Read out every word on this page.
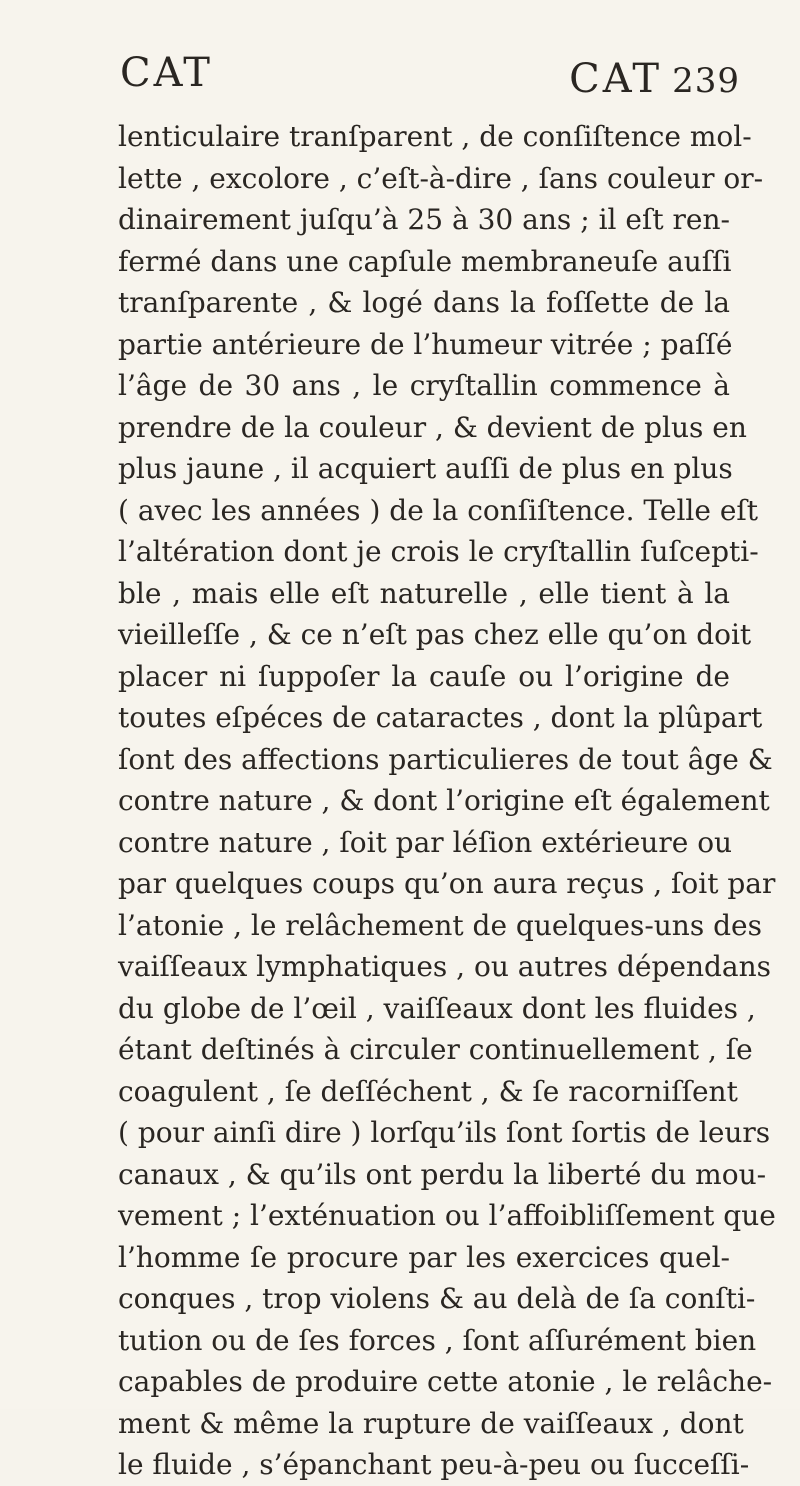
CAT	CAT 239
lenticulaire tranſparent , de conſiſtence mol-
lette , excolore , c’eſt-à-dire , ſans couleur or-
dinairement juſqu’à 25 à 30 ans ; il eſt ren-
fermé dans une capſule membraneuſe auſſi
tranſparente , & logé dans la foſſette de la
partie antérieure de l’humeur vitrée ; paſſé
l’âge de 30 ans , le cryſtallin commence à
prendre de la couleur , & devient de plus en
plus jaune , il acquiert auſſi de plus en plus
( avec les années ) de la conſiſtence. Telle eſt
l’altération dont je crois le cryſtallin ſuſcepti-
ble , mais elle eſt naturelle , elle tient à la
vieilleſſe , & ce n’eſt pas chez elle qu’on doit
placer ni ſuppoſer la cauſe ou l’origine de
toutes eſpéces de cataractes , dont la plûpart
ſont des affections particulieres de tout âge &
contre nature , & dont l’origine eſt également
contre nature , ſoit par léſion extérieure ou
par quelques coups qu’on aura reçus , ſoit par
l’atonie , le relâchement de quelques-uns des
vaiſſeaux lymphatiques , ou autres dépendans
du globe de l’œil , vaiſſeaux dont les fluides ,
étant deſtinés à circuler continuellement , ſe
coagulent , ſe deſſéchent , & ſe racorniſſent
( pour ainſi dire ) lorſqu’ils ſont ſortis de leurs
canaux , & qu’ils ont perdu la liberté du mou-
vement ; l’exténuation ou l’affoibliſſement que
l’homme ſe procure par les exercices quel-
conques , trop violens & au delà de ſa conſti-
tution ou de ſes forces , ſont aſſurément bien
capables de produire cette atonie , le relâche-
ment & même la rupture de vaiſſeaux , dont
le fluide , s’épanchant peu-à-peu ou ſucceſſi-
